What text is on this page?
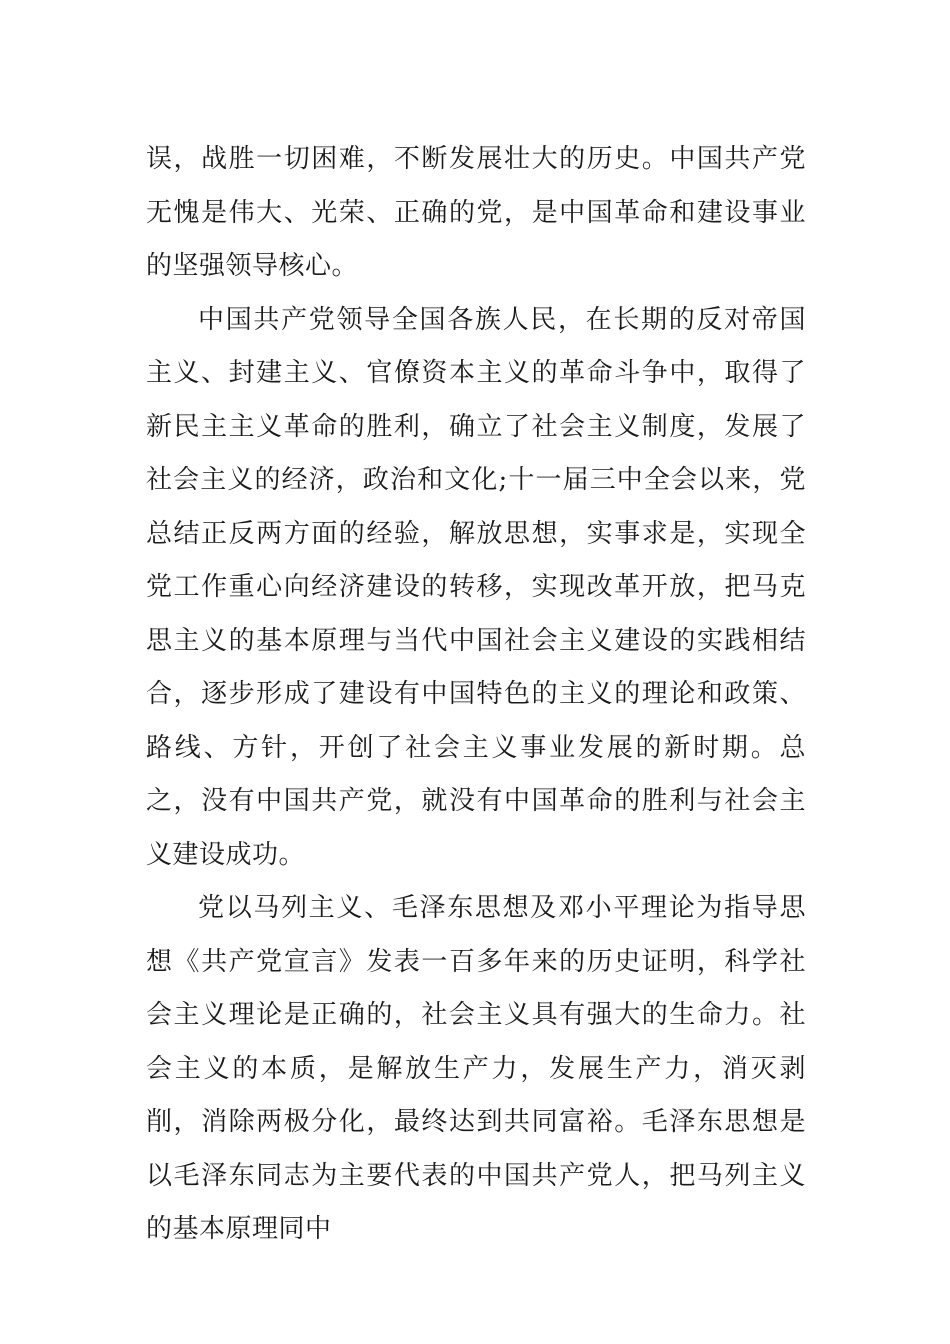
误，战胜一切困难，不断发展壮大的历史。中国共产党无愧是伟大、光荣、正确的党，是中国革命和建设事业的坚强领导核心。

中国共产党领导全国各族人民，在长期的反对帝国主义、封建主义、官僚资本主义的革命斗争中，取得了新民主主义革命的胜利，确立了社会主义制度，发展了社会主义的经济，政治和文化;十一届三中全会以来，党总结正反两方面的经验，解放思想，实事求是，实现全党工作重心向经济建设的转移，实现改革开放，把马克思主义的基本原理与当代中国社会主义建设的实践相结合，逐步形成了建设有中国特色的主义的理论和政策、路线、方针，开创了社会主义事业发展的新时期。总之，没有中国共产党，就没有中国革命的胜利与社会主义建设成功。

党以马列主义、毛泽东思想及邓小平理论为指导思想《共产党宣言》发表一百多年来的历史证明，科学社会主义理论是正确的，社会主义具有强大的生命力。社会主义的本质，是解放生产力，发展生产力，消灭剥削，消除两极分化，最终达到共同富裕。毛泽东思想是以毛泽东同志为主要代表的中国共产党人，把马列主义的基本原理同中
